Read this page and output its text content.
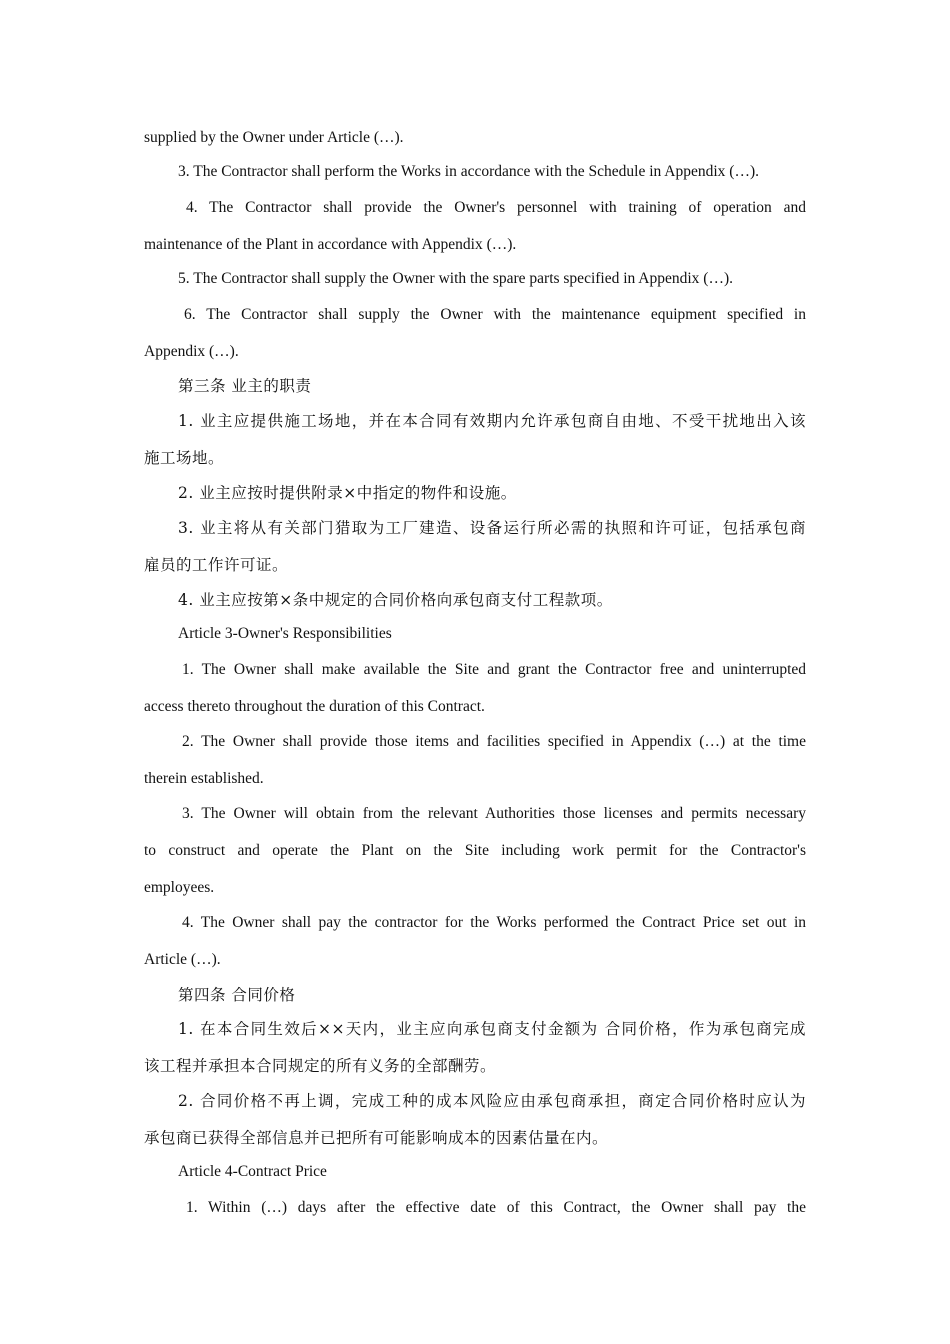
supplied by the Owner under Article (…).

3. The Contractor shall perform the Works in accordance with the Schedule in Appendix (…).

4. The Contractor shall provide the Owner's personnel with training of operation and

maintenance of the Plant in accordance with Appendix (…).

5. The Contractor shall supply the Owner with the spare parts specified in Appendix (…).

6. The Contractor shall supply the Owner with the maintenance equipment specified in

Appendix (…).

第三条 业主的职责

1. 业主应提供施工场地，并在本合同有效期内允许承包商自由地、不受干扰地出入该

施工场地。

2. 业主应按时提供附录×中指定的物件和设施。

3. 业主将从有关部门猎取为工厂建造、设备运行所必需的执照和许可证，包括承包商

雇员的工作许可证。

4. 业主应按第×条中规定的合同价格向承包商支付工程款项。

Article 3-Owner's Responsibilities

1. The Owner shall make available the Site and grant the Contractor free and uninterrupted

access thereto throughout the duration of this Contract.

2. The Owner shall provide those items and facilities specified in Appendix (…) at the time

therein established.

3. The Owner will obtain from the relevant Authorities those licenses and permits necessary

to construct and operate the Plant on the Site including work permit for the Contractor's

employees.

4. The Owner shall pay the contractor for the Works performed the Contract Price set out in

Article (…).

第四条 合同价格

1. 在本合同生效后××天内，业主应向承包商支付金额为 合同价格，作为承包商完成

该工程并承担本合同规定的所有义务的全部酬劳。

2. 合同价格不再上调，完成工种的成本风险应由承包商承担，商定合同价格时应认为

承包商已获得全部信息并已把所有可能影响成本的因素估量在内。

Article 4-Contract Price

1. Within (…) days after the effective date of this Contract, the Owner shall pay the
